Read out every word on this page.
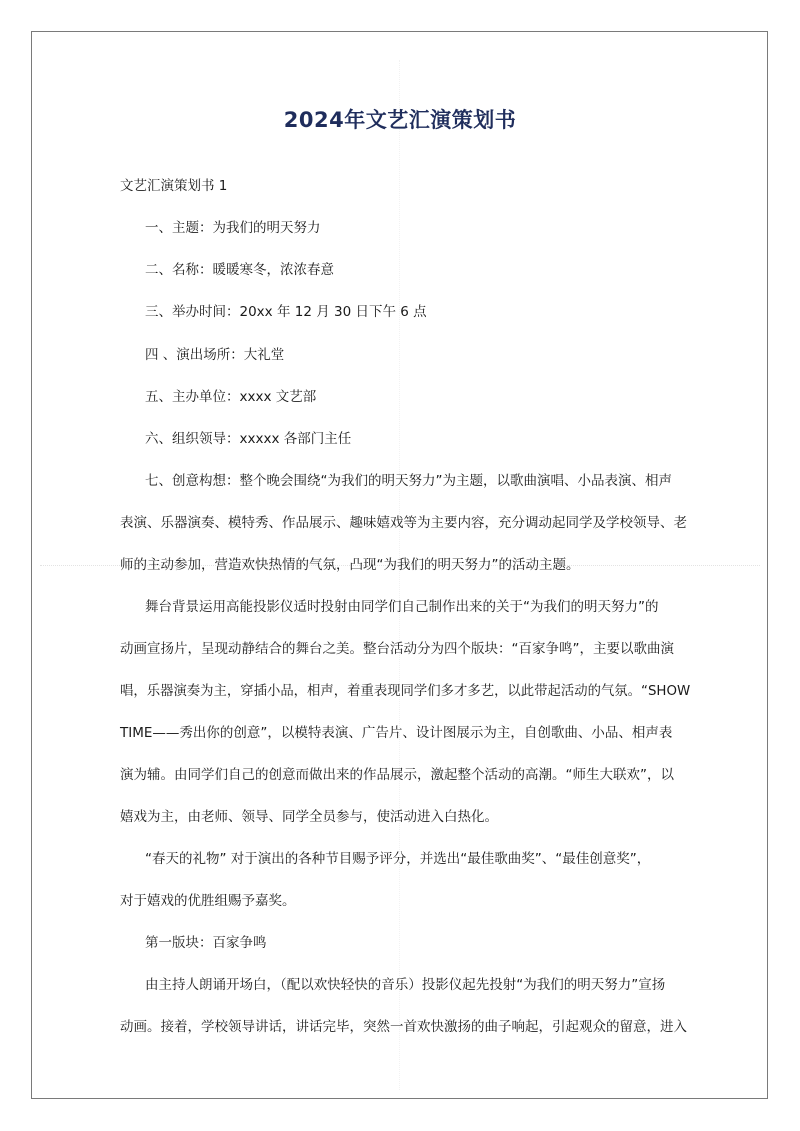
2024年文艺汇演策划书
文艺汇演策划书 1
一、主题：为我们的明天努力
二、名称：暖暖寒冬，浓浓春意
三、举办时间：20xx 年 12 月 30 日下午 6 点
四 、演出场所：大礼堂
五、主办单位：xxxx 文艺部
六、组织领导：xxxxx 各部门主任
七、创意构想：整个晚会围绕“为我们的明天努力”为主题，以歌曲演唱、小品表演、相声
表演、乐器演奏、模特秀、作品展示、趣味嬉戏等为主要内容，充分调动起同学及学校领导、老
师的主动参加，营造欢快热情的气氛，凸现“为我们的明天努力”的活动主题。
舞台背景运用高能投影仪适时投射由同学们自己制作出来的关于“为我们的明天努力”的
动画宣扬片，呈现动静结合的舞台之美。整台活动分为四个版块：“百家争鸣”，主要以歌曲演
唱，乐器演奏为主，穿插小品，相声，着重表现同学们多才多艺，以此带起活动的气氛。“SHOW
TIME——秀出你的创意”，以模特表演、广告片、设计图展示为主，自创歌曲、小品、相声表
演为辅。由同学们自己的创意而做出来的作品展示，激起整个活动的高潮。“师生大联欢”，以
嬉戏为主，由老师、领导、同学全员参与，使活动进入白热化。
“春天的礼物” 对于演出的各种节目赐予评分，并选出“最佳歌曲奖”、“最佳创意奖”，
对于嬉戏的优胜组赐予嘉奖。
第一版块：百家争鸣
由主持人朗诵开场白，（配以欢快轻快的音乐）投影仪起先投射“为我们的明天努力”宣扬
动画。接着，学校领导讲话，讲话完毕，突然一首欢快激扬的曲子响起，引起观众的留意，进入
